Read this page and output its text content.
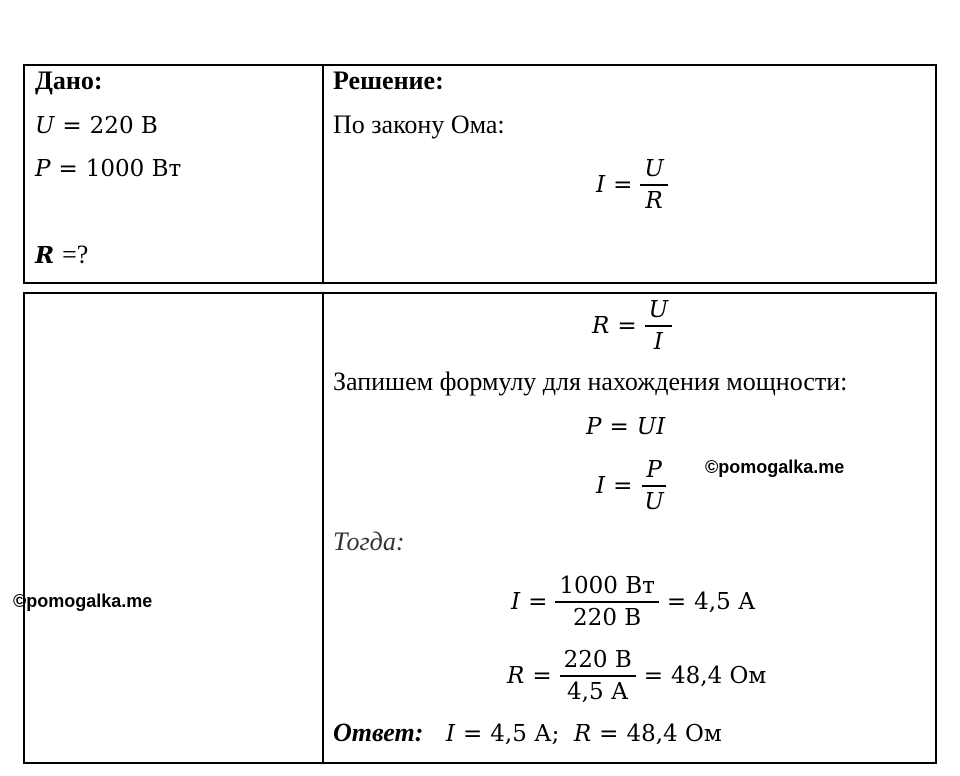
Дано:
U = 220 В
P = 1000 Вт
R =?
Решение:
По закону Ома:
$I = \frac{U}{R}$
$R = \frac{U}{I}$
Запишем формулу для нахождения мощности:
P = UI
$I = \frac{P}{U}$ ©pomogalka.me
Тогда:
$I = \frac{1000 Вт}{220 В} = 4,5$ А
$R = \frac{220 В}{4,5 А} = 48,4$ Ом
Ответ: I = 4,5 А; R = 48,4 Ом
©pomogalka.me
